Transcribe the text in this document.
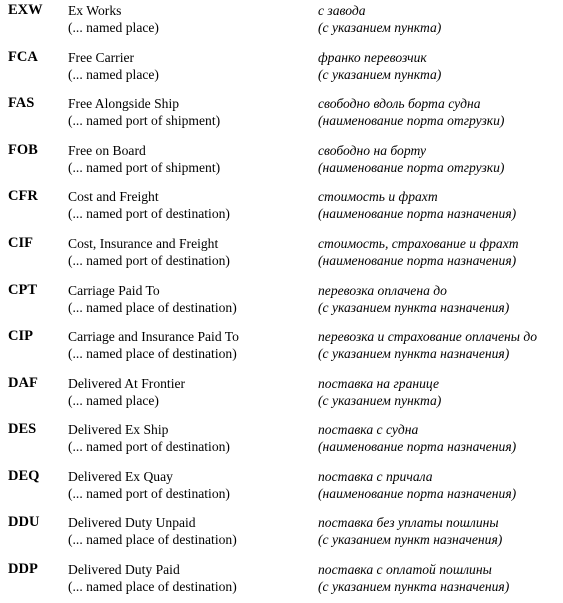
EXW Ex Works
(... named place)
с завода
(с указанием пункта)
FCA Free Carrier
(... named place)
франко перевозчик
(с указанием пункта)
FAS Free Alongside Ship
(... named port of shipment)
свободно вдоль борта судна
(наименование порта отгрузки)
FOB Free on Board
(... named port of shipment)
свободно на борту
(наименование порта отгрузки)
CFR Cost and Freight
(... named port of destination)
стоимость и фрахт
(наименование порта назначения)
CIF	Cost, Insurance and Freight
(... named port of destination)
стоимость, страхование и фрахт
(наименование порта назначения)
CPT Carriage Paid To
(... named place of destination)
перевозка оплачена до
(с указанием пункта назначения)
CIP	Carriage and Insurance Paid To
(... named place of destination)
перевозка и страхование оплачены до
(с указанием пункта назначения)
DAF Delivered At Frontier
(... named place)
поставка на границе
(с указанием пункта)
DES Delivered Ex Ship
(... named port of destination)
поставка с судна
(наименование порта назначения)
DEQ Delivered Ex Quay
(... named port of destination)
поставка с причала
(наименование порта назначения)
DDU Delivered Duty Unpaid
(... named place of destination)
поставка без уплаты пошлины
(с указанием пункт назначения)
DDP Delivered Duty Paid
(... named place of destination)
поставка с оплатой пошлины
(с указанием пункта назначения)
